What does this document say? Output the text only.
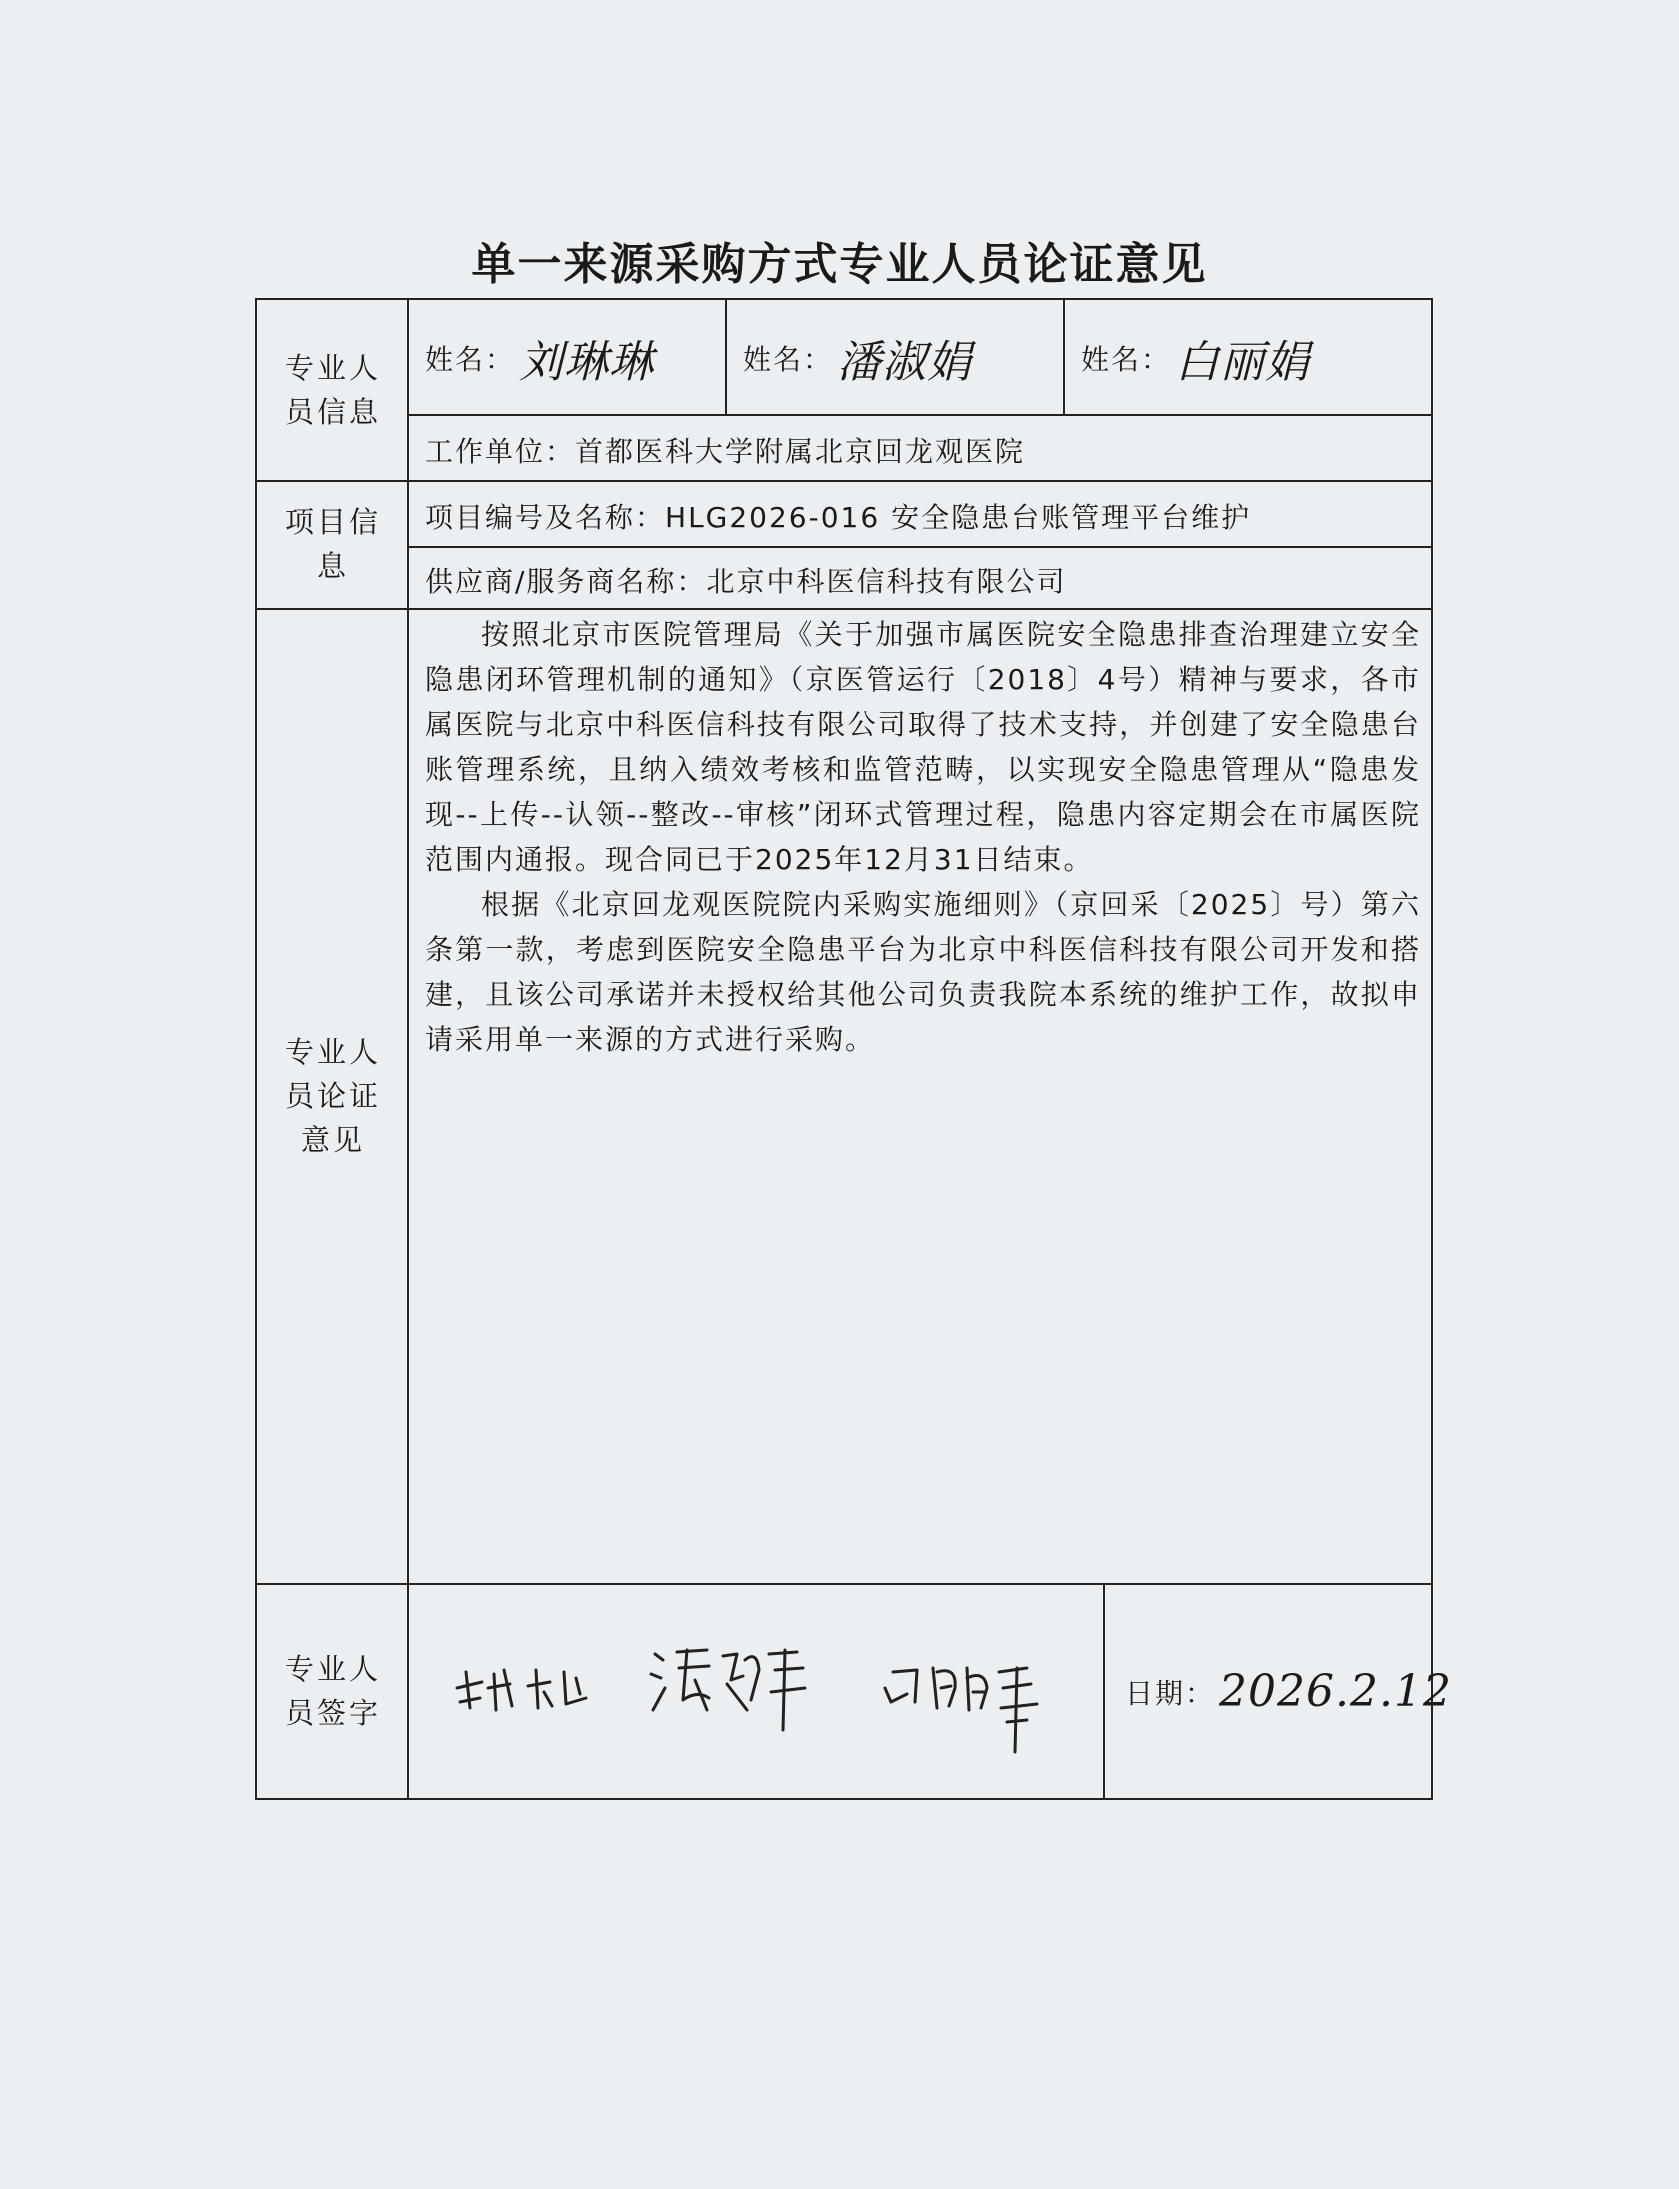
单一来源采购方式专业人员论证意见
专业人员信息
项目信息
专业人员论证意见
专业人员签字
姓名： 刘琳琳	姓名： 潘淑娟	姓名： 白丽娟
工作单位：首都医科大学附属北京回龙观医院
项目编号及名称：HLG2026-016 安全隐患台账管理平台维护
供应商/服务商名称：北京中科医信科技有限公司

按照北京市医院管理局《关于加强市属医院安全隐患排查治理建立安全隐患闭环管理机制的通知》（京医管运行〔2018〕4号）精神与要求，各市属医院与北京中科医信科技有限公司取得了技术支持，并创建了安全隐患台账管理系统，且纳入绩效考核和监管范畴，以实现安全隐患管理从“隐患发现--上传--认领--整改--审核”闭环式管理过程，隐患内容定期会在市属医院范围内通报。现合同已于2025年12月31日结束。

根据《北京回龙观医院院内采购实施细则》（京回采〔2025〕号）第六条第一款，考虑到医院安全隐患平台为北京中科医信科技有限公司开发和搭建，且该公司承诺并未授权给其他公司负责我院本系统的维护工作，故拟申请采用单一来源的方式进行采购。

日期： 2026.2.12
